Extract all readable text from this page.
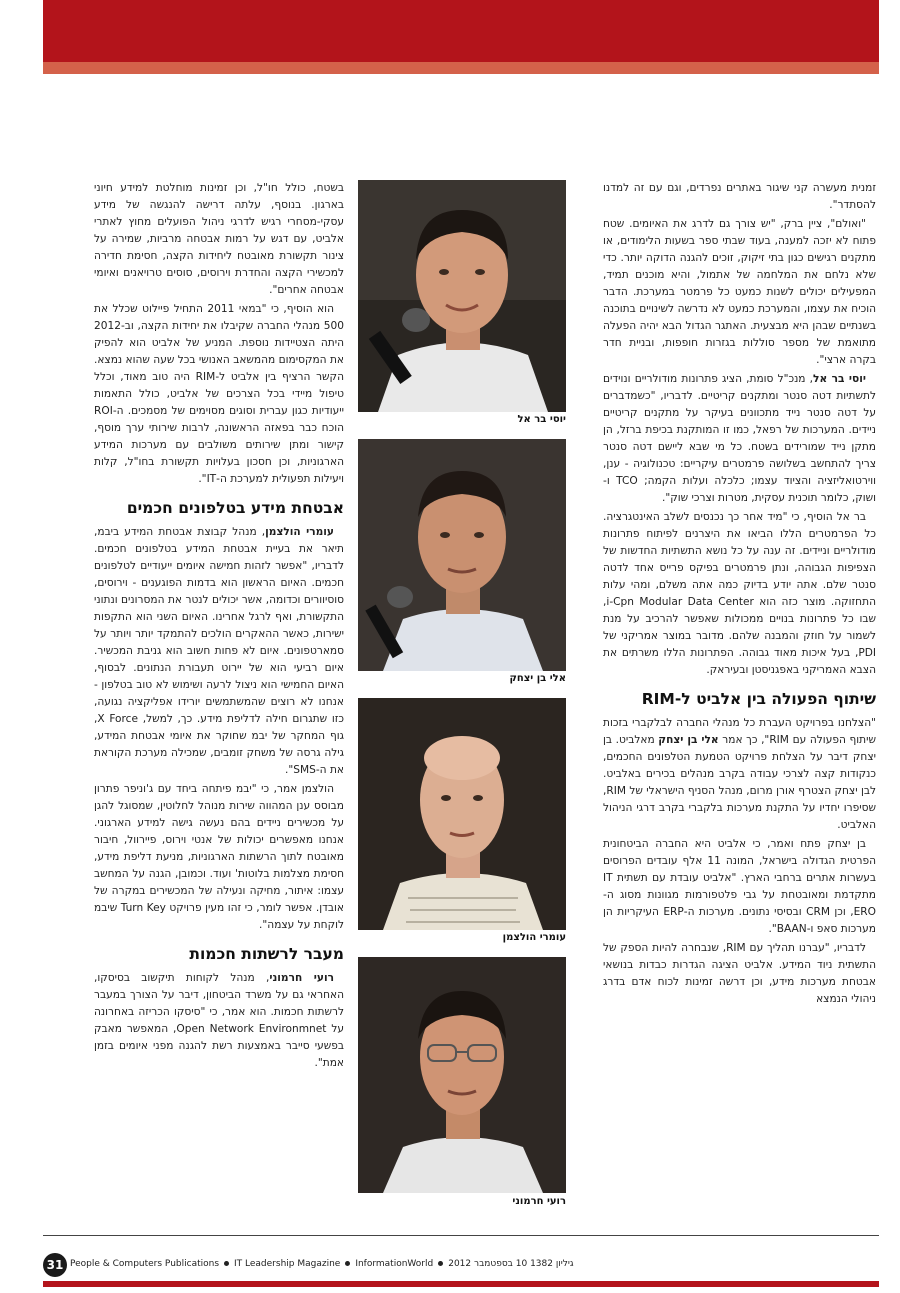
זמנית מעשרה קני שיגור באתרים נפרדים, וגם עם זה למדנו להסתדר".

"ואולם", ציין ברק, "יש צורך גם לדרג את האיומים. שטח פתוח לא יזכה למענה, בעוד שבתי ספר בשעות הלימודים, או מתקנים רגישים כגון בתי זיקוק, זוכים להגנה הדוקה יותר. כדי שלא נלחם את המלחמה של אתמול, והיא מוכנים תמיד, המפעילים יכולים לשנות כמעט כל פרמטר במערכת. הדבר הוכיח את עצמו, והמערכת כמעט לא נדרשה לשינויים בתוכנה בשנתיים שבהן היא מבצעית. האתגר הגדול הבא יהיה הפעלה מתואמת של מספר סוללות בגזרות חופפות, ובניית חדר בקרה ארצי".

יוסי בר אל, מנכ"ל סומת, הציג פתרונות מודולריים ונוידים לתשתיות דטה סנטר ומתקנים קריטיים. לדבריו, "כשמדברים על דטה סנטר נייד מתכוונים בעיקר על מתקנים קריטיים ניידים. המערכות של רפאל, כמו זו המותקנת בכיפת ברזל, הן מתקן נייד שמורידים בשטח. כל מי שבא ליישם דטה סנטר צריך להתחשב בשלושה פרמטרים עיקריים: טכנולוגיה - ענן, ווירטואליזציה והציוד עצמו; כלכלה ועלות הקמה; TCO ו- ושוק, כלומר תוכנית עסקית, מטרות וצרכי שוק".

בר אל הוסיף, כי "מיד אחר כך נכנסים לשלב האינטגרציה. כל הפרמטרים הללו הביאו את היצרנים לפיתוח פתרונות מודולריים וניידים. זה ענה על כל נושא התשתיות החדשות של הצפיפות הגבוהה, ונתן פרמטרים בפיקס פרייס אחד לדטה סנטר שלם. אתה יודע בדיוק כמה אתה משלם, ומהי עלות התחזוקה. מוצר כזה הוא i-Cpn Modular Data Center, שבו כל פתרונות בנויים ממכולות שאפשר להרכיב על מנת לשמור על חוזק והמבנה שלהם. מדובר במוצר אמריקני של PDI, בעל איכות מאוד גבוהה. הפתרונות הללו משרתים את הצבא האמריקני באפגניסטן ובעיראק.

שיתוף הפעולה בין אלביט ל-RIM

"הצלחנו בפרויקט העברת כל מנהלי החברה לבלקברי בזכות שיתוף הפעולה עם RIM", כך אמר אלי בן יצחק מאלביט. בן יצחק דיבר על הצלחת פרויקט הטמעת הטלפונים החכמים, כנקודות קצה לצרכי עבודה בקרב מנהלים בכירים באלביט. לבן יצחק הצטרף אורן מרום, מנהל הסניף הישראלי של RIM, שסיפרו יחדיו על התקנת מערכות בלקברי בקרב דרגי הניהול האלביט.

בן יצחק פתח ואמר, כי אלביט היא החברה הביטחונית הפרטית הגדולה בישראל, המונה 11 אלף עובדים הפרוסים בעשרות אתרים ברחבי הארץ. "אלביט עובדת עם תשתית IT מתקדמת ומאובטחת על גבי פלטפורמות מגוונות מסוג ה-ERO, וכן CRM ובסיסי נתונים. מערכות ה-ERP העיקריות הן מערכות סאפ ו-BAAN".

לדבריו, "עברנו תהליך עם RIM, שנבחרה להיות הספק של התשתית ניוד המידע. אלביט הציגה הגדרות כבדות בנושאי אבטחת מערכות מידע, וכן דרשה זמינות לכוח אדם בדרג ניהולי הנמצא

יוסי בר אל
אלי בן יצחק
עומרי הולצמן
רועי חרמוני

בשטח, כולל חו"ל, וכן זמינות מוחלטת למידע חיוני בארגון. בנוסף, עלתה דרישה להנגשה של מידע עסקי-מסחרי רגיש לדרגי ניהול הפועלים מחוץ לאתרי אלביט, עם דגש על רמות אבטחה מרביות, שמירה על צינור תקשורת מאובטח ליחידות הקצה, חסימת חדירה למכשירי הקצה והחדרת וירוסים, סוסים טרויאנים ואיומי אבטחה אחרים".

הוא הוסיף, כי "במאי 2011 התחיל פיילוט שכלל את 500 מנהלי החברה שקיבלו את יחידות הקצה, וב-2012 היתה הצטיידות נוספת. המניע של אלביט הוא להפיק את המקסימום מהמשאב האנושי בכל שעה שהוא נמצא. הקשר הרציף בין אלביט ל-RIM היה טוב מאוד, וכלל טיפול מיידי בכל הצרכים של אלביט, כולל התאמות ייעודיות כגון עברית וסוגים מסוימים של מסמכים. ה-ROI הוכח כבר בפאזה הראשונה, לרבות שירותי ערך מוסף, קישור ומתן שירותים משולבים עם מערכות המידע הארגוניות, וכן חסכון בעלויות תקשורת בחו"ל, קלות ויעילות תפעולית למערכת ה-IT".

אבטחת מידע בטלפונים חכמים

עומרי הולצמן, מנהל קבוצת אבטחת המידע ביבמ, תיאר את בעיית אבטחת המידע בטלפונים חכמים. לדבריו, "אפשר לזהות חמישה איומים ייעודיים לטלפונים חכמים. האיום הראשון הוא בדמות הפוגענים - וירוסים, סוסיוורים וכדומה, אשר יכולים לנטר את המסרונים ונתוני התקשורת, ואף לרגל אחרינו. האיום השני הוא התקפות ישירות, כאשר ההאקרים הולכים להתמקד יותר ויותר על סמארטפונים. איום לא פחות חשוב הוא גניבת המכשיר. איום רביעי הוא של יירוט תעבורת הנתונים. לבסוף, האיום החמישי הוא ניצול לרעה ושימוש לא טוב בטלפון - אנחנו לא רוצים שהמשתמשים יורידו אפליקציה נגועה, כזו שתגרום חילה לדליפת מידע. כך, למשל, X Force, גוף המחקר של יבמ שחוקר את איומי אבטחת המידע, גילה גרסה של משחק זומבים, שמכילה מערכת הקוראת את ה-SMS".

הולצמן אמר, כי "יבמ פיתחה ביחד עם ג'וניפר פתרון מבוסס ענן המהווה שירות מנוהל לחלוטין, שמסוגל להגן על מכשירים ניידים בהם נעשה גישה למידע הארגוני. אנחנו מאפשרים יכולות של אנטי וירוס, פיירוול, חיבור מאובטח לתוך הרשתות הארגוניות, מניעת דליפת מידע, חסימת מצלמות בלוטות' ועוד. וכמובן, הגנה על המחשב עצמו: איתור, מחיקה ונעילה של המכשירים במקרה של אובדן. אפשר לומר, כי זהו מעין פרויקט Turn Key שיבמ לוקחת על עצמה".

מעבר לרשתות חכמות

רועי חרמוני, מנהל לקוחות תיקשוב בסיסקו, האחראי גם על משרד הביטחון, דיבר על הצורך במעבר לרשתות חכמות. הוא אמר, כי "סיסקו הכריזה באחרונה על Open Network Environmnet, המאפשר מאבק בפשעי סייבר באמצעות רשת להגנה מפני איומים בזמן אמת".

31 People & Computers Publications IT Leadership Magazine InformationWorld גיליון 1382 10 בספטמבר 2012
